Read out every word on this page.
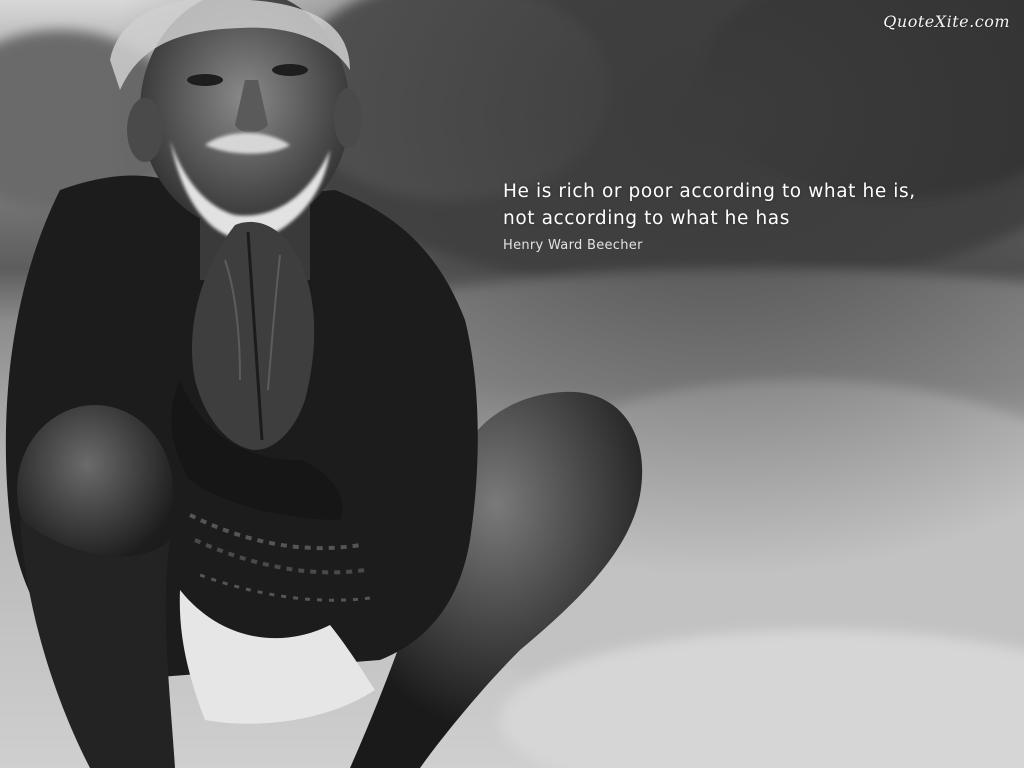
QuoteXite.com
He is rich or poor according to what he is,
not according to what he has
Henry Ward Beecher
